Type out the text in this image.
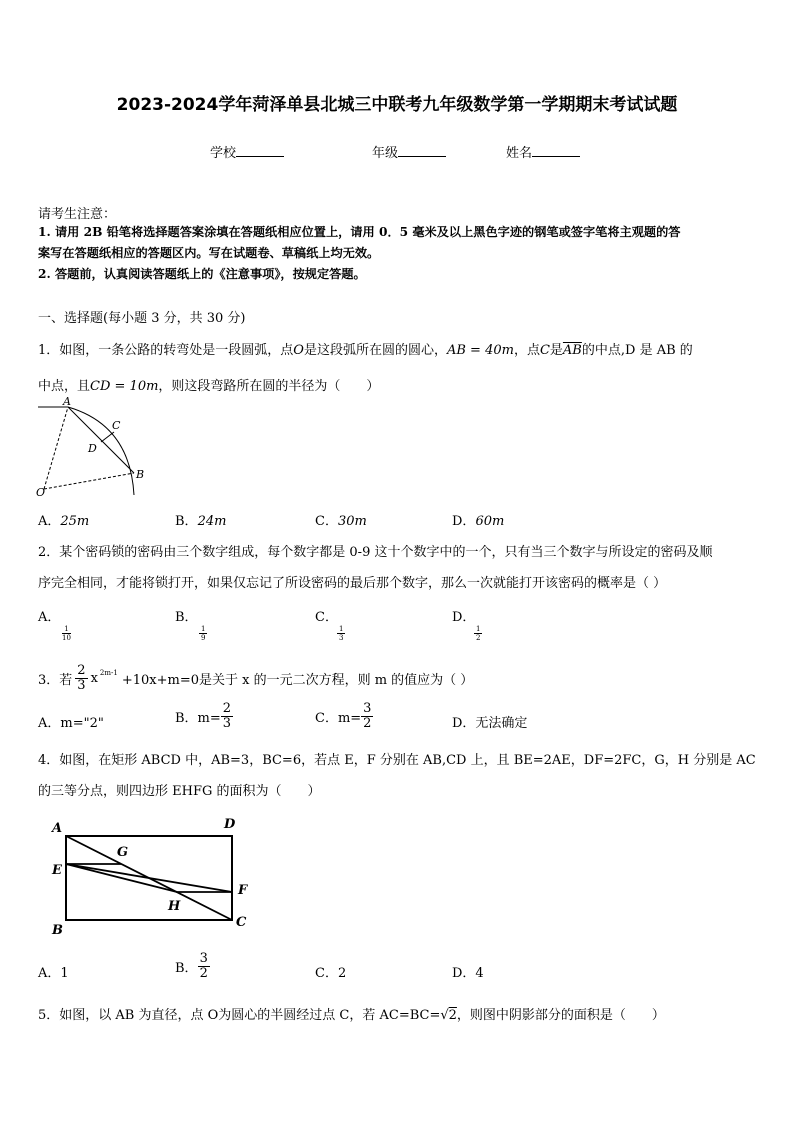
2023-2024学年菏泽单县北城三中联考九年级数学第一学期期末考试试题
学校	年级	姓名
请考生注意：
1. 请用 2B 铅笔将选择题答案涂填在答题纸相应位置上，请用 0．5 毫米及以上黑色字迹的钢笔或签字笔将主观题的答
案写在答题纸相应的答题区内。写在试题卷、草稿纸上均无效。
2. 答题前，认真阅读答题纸上的《注意事项》，按规定答题。
一、选择题(每小题 3 分，共 30 分)
1．如图，一条公路的转弯处是一段圆弧，点O是这段弧所在圆的圆心，AB = 40m，点C是$\overline{AB}$的中点,D 是 AB 的
中点，且CD = 10m，则这段弯路所在圆的半径为（　　）
A
C
D
B
O
A．25m	B．24m	C．30m	D．60m
2．某个密码锁的密码由三个数字组成，每个数字都是 0-9 这十个数字中的一个，只有当三个数字与所设定的密码及顺
序完全相同，才能将锁打开，如果仅忘记了所设密码的最后那个数字，那么一次就能打开该密码的概率是（ ）
A．

$\frac{1}{10}$
B．

$\frac{1}{9}$
C．

$\frac{1}{3}$
D．

$\frac{1}{2}$
3．若 $\frac{2}{3}$ x $^{2m-1}$
+10x+m=0是关于 x 的一元二次方程，则 m 的值应为（ ）
A．m="2"	B．$m= \frac{2}{3}$	C．$m= \frac{3}{2}$	D．无法确定
4．如图，在矩形 ABCD 中，AB=3，BC=6，若点 E，F 分别在 AB,CD 上，且 BE=2AE，DF=2FC，G，H 分别是 AC
的三等分点，则四边形 EHFG 的面积为（　　）
A	D
G
E
F
H
B
C
A．1	B． $\frac{3}{2}$	C．2	D．4
5．如图，以 AB 为直径，点 O为圆心的半圆经过点 C，若 AC=BC=√2，则图中阴影部分的面积是（　　）
